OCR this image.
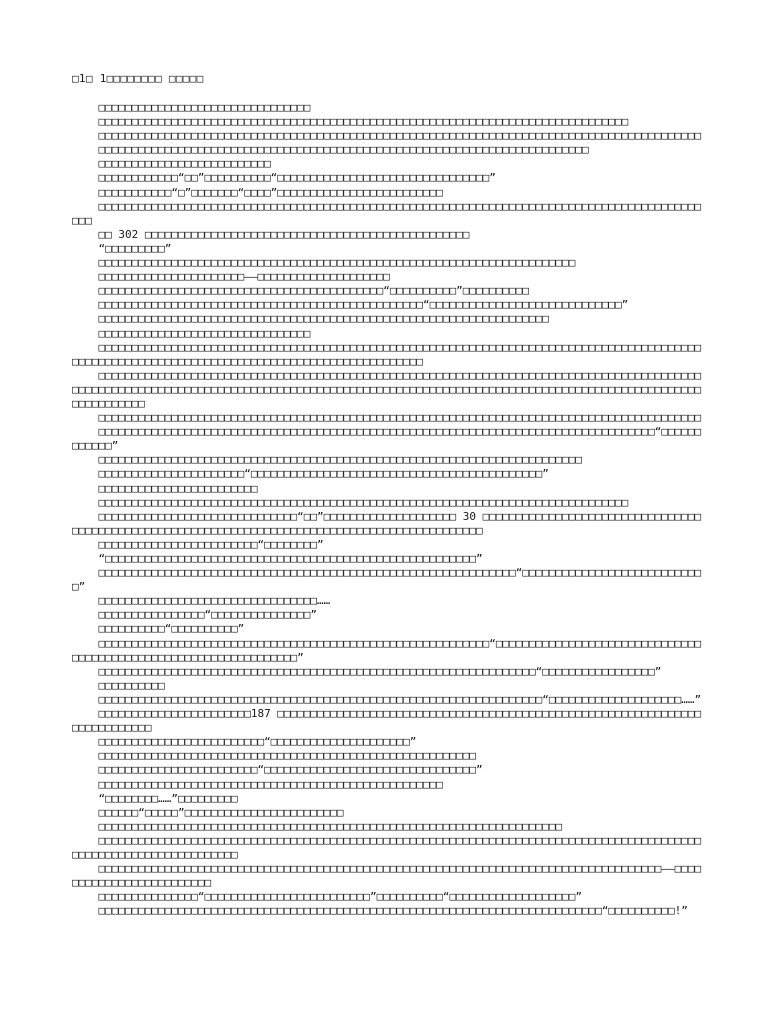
□1□ 1□□□□□□□□ □□□□□
□□□□□□□□□□□□□□□□□□□□□□□□□□□□□□□□
□□□□□□□□□□□□□□□□□□□□□□□□□□□□□□□□□□□□□□□□□□□□□□□□□□□□□□□□□□□□□□□□□□□□□□□□□□□□□□□□
□□□□□□□□□□□□□□□□□□□□□□□□□□□□□□□□□□□□□□□□□□□□□□□□□□□□□□□□□□□□□□□□□□□□□□□□□□□□□□□□□□□□□□□□□□□
□□□□□□□□□□□□□□□□□□□□□□□□□□□□□□□□□□□□□□□□□□□□□□□□□□□□□□□□□□□□□□□□□□□□□□□□□□
□□□□□□□□□□□□□□□□□□□□□□□□□□
□□□□□□□□□□□□“□□”□□□□□□□□□□“□□□□□□□□□□□□□□□□□□□□□□□□□□□□□□□□”
□□□□□□□□□□□“□”□□□□□□□“□□□□”□□□□□□□□□□□□□□□□□□□□□□□□□
□□□□□□□□□□□□□□□□□□□□□□□□□□□□□□□□□□□□□□□□□□□□□□□□□□□□□□□□□□□□□□□□□□□□□□□□□□□□□□□□□□□□□□□□□□□□□□
□□ 302 □□□□□□□□□□□□□□□□□□□□□□□□□□□□□□□□□□□□□□□□□□□□□□□□□
“□□□□□□□□□”
□□□□□□□□□□□□□□□□□□□□□□□□□□□□□□□□□□□□□□□□□□□□□□□□□□□□□□□□□□□□□□□□□□□□□□□□
□□□□□□□□□□□□□□□□□□□□□□——□□□□□□□□□□□□□□□□□□□□
□□□□□□□□□□□□□□□□□□□□□□□□□□□□□□□□□□□□□□□□□□□“□□□□□□□□□□”□□□□□□□□□□
□□□□□□□□□□□□□□□□□□□□□□□□□□□□□□□□□□□□□□□□□□□□□□□□□“□□□□□□□□□□□□□□□□□□□□□□□□□□□□□”
□□□□□□□□□□□□□□□□□□□□□□□□□□□□□□□□□□□□□□□□□□□□□□□□□□□□□□□□□□□□□□□□□□□□
□□□□□□□□□□□□□□□□□□□□□□□□□□□□□□□□
□□□□□□□□□□□□□□□□□□□□□□□□□□□□□□□□□□□□□□□□□□□□□□□□□□□□□□□□□□□□□□□□□□□□□□□□□□□□□□□□□□□□□□□□□□□□□□□□□□□□□□□□□□□□□□□□□□□□□□□□□□□□□□□□□□□□□□□□□□□□□□□□
□□□□□□□□□□□□□□□□□□□□□□□□□□□□□□□□□□□□□□□□□□□□□□□□□□□□□□□□□□□□□□□□□□□□□□□□□□□□□□□□□□□□□□□□□□□□□□□□□□□□□□□□□□□□□□□□□□□□□□□□□□□□□□□□□□□□□□□□□□□□□□□□□□□□□□□□□□□□□□□□□□□□□□□□□□□□□□□□□□□□□□□□□□□□□□□□□□□□□
□□□□□□□□□□□□□□□□□□□□□□□□□□□□□□□□□□□□□□□□□□□□□□□□□□□□□□□□□□□□□□□□□□□□□□□□□□□□□□□□□□□□□□□□□□□
□□□□□□□□□□□□□□□□□□□□□□□□□□□□□□□□□□□□□□□□□□□□□□□□□□□□□□□□□□□□□□□□□□□□□□□□□□□□□□□□□□□□“□□□□□□□□□□□□”
□□□□□□□□□□□□□□□□□□□□□□□□□□□□□□□□□□□□□□□□□□□□□□□□□□□□□□□□□□□□□□□□□□□□□□□□□
□□□□□□□□□□□□□□□□□□□□□□“□□□□□□□□□□□□□□□□□□□□□□□□□□□□□□□□□□□□□□□□□□□□”
□□□□□□□□□□□□□□□□□□□□□□□□
□□□□□□□□□□□□□□□□□□□□□□□□□□□□□□□□□□□□□□□□□□□□□□□□□□□□□□□□□□□□□□□□□□□□□□□□□□□□□□□□
□□□□□□□□□□□□□□□□□□□□□□□□□□□□□□“□□”□□□□□□□□□□□□□□□□□□□□ 30 □□□□□□□□□□□□□□□□□□□□□□□□□□□□□□□□□□□□□□□□□□□□□□□□□□□□□□□□□□□□□□□□□□□□□□□□□□□□□□□□□□□□□□□□□□□□□□□
□□□□□□□□□□□□□□□□□□□□□□□□“□□□□□□□□”
“□□□□□□□□□□□□□□□□□□□□□□□□□□□□□□□□□□□□□□□□□□□□□□□□□□□□□□□□”
□□□□□□□□□□□□□□□□□□□□□□□□□□□□□□□□□□□□□□□□□□□□□□□□□□□□□□□□□□□□□□□“□□□□□□□□□□□□□□□□□□□□□□□□□□□□”
□□□□□□□□□□□□□□□□□□□□□□□□□□□□□□□□□……
□□□□□□□□□□□□□□□□“□□□□□□□□□□□□□□□”
□□□□□□□□□□“□□□□□□□□□□”
□□□□□□□□□□□□□□□□□□□□□□□□□□□□□□□□□□□□□□□□□□□□□□□□□□□□□□□□□□□“□□□□□□□□□□□□□□□□□□□□□□□□□□□□□□□□□□□□□□□□□□□□□□□□□□□□□□□□□□□□□□□□□”
□□□□□□□□□□□□□□□□□□□□□□□□□□□□□□□□□□□□□□□□□□□□□□□□□□□□□□□□□□□□□□□□□□“□□□□□□□□□□□□□□□□□”
□□□□□□□□□□
□□□□□□□□□□□□□□□□□□□□□□□□□□□□□□□□□□□□□□□□□□□□□□□□□□□□□□□□□□□□□□□□□□□“□□□□□□□□□□□□□□□□□□□□……”
□□□□□□□□□□□□□□□□□□□□□□□187 □□□□□□□□□□□□□□□□□□□□□□□□□□□□□□□□□□□□□□□□□□□□□□□□□□□□□□□□□□□□□□□□□□□□□□□□□□□□
□□□□□□□□□□□□□□□□□□□□□□□□□“□□□□□□□□□□□□□□□□□□□□□”
□□□□□□□□□□□□□□□□□□□□□□□□□□□□□□□□□□□□□□□□□□□□□□□□□□□□□□□□□
□□□□□□□□□□□□□□□□□□□□□□□□“□□□□□□□□□□□□□□□□□□□□□□□□□□□□□□□□”
□□□□□□□□□□□□□□□□□□□□□□□□□□□□□□□□□□□□□□□□□□□□□□□□□□□□
“□□□□□□□□……”□□□□□□□□□
□□□□□□“□□□□□”□□□□□□□□□□□□□□□□□□□□□□□□
□□□□□□□□□□□□□□□□□□□□□□□□□□□□□□□□□□□□□□□□□□□□□□□□□□□□□□□□□□□□□□□□□□□□□□
□□□□□□□□□□□□□□□□□□□□□□□□□□□□□□□□□□□□□□□□□□□□□□□□□□□□□□□□□□□□□□□□□□□□□□□□□□□□□□□□□□□□□□□□□□□□□□□□□□□□□□□□□□□□□□□□□□□□
□□□□□□□□□□□□□□□□□□□□□□□□□□□□□□□□□□□□□□□□□□□□□□□□□□□□□□□□□□□□□□□□□□□□□□□□□□□□□□□□□□□□□——□□□□□□□□□□□□□□□□□□□□□□□□□
□□□□□□□□□□□□□□□“□□□□□□□□□□□□□□□□□□□□□□□□□”□□□□□□□□□□“□□□□□□□□□□□□□□□□□□□”
□□□□□□□□□□□□□□□□□□□□□□□□□□□□□□□□□□□□□□□□□□□□□□□□□□□□□□□□□□□□□□□□□□□□□□□□□□□□“□□□□□□□□□□!”
